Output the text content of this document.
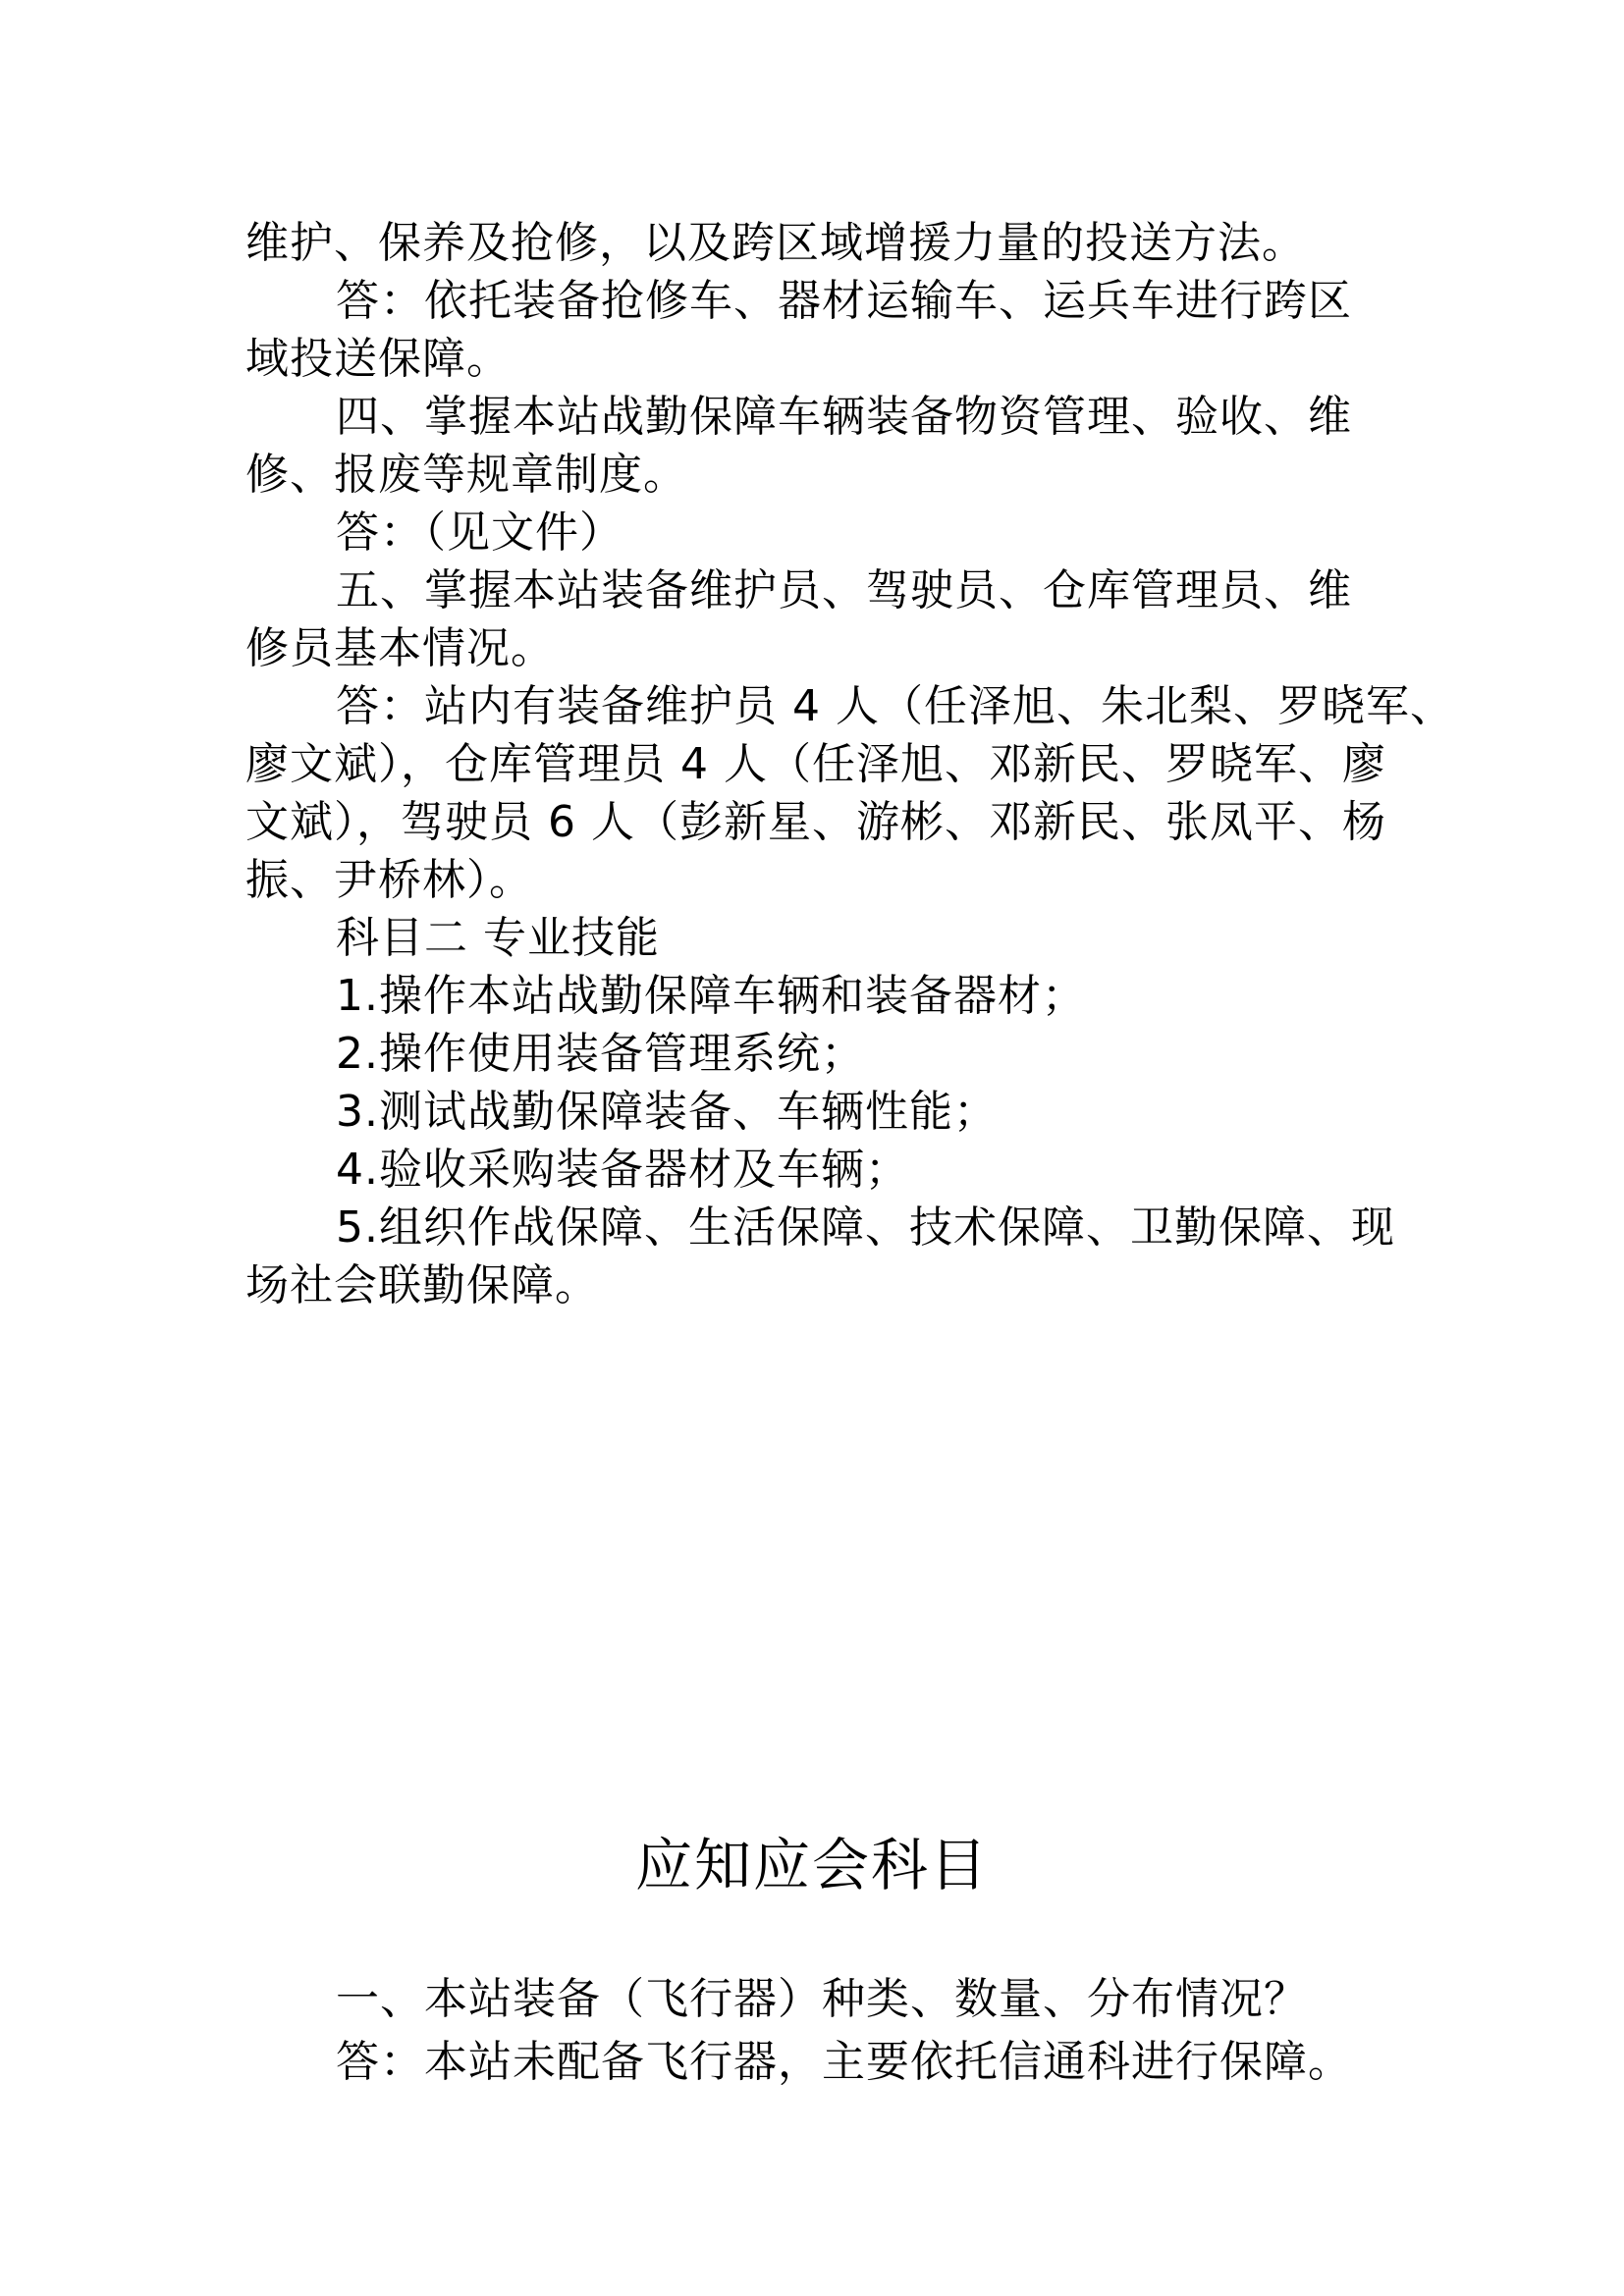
维护、保养及抢修，以及跨区域增援力量的投送方法。
答：依托装备抢修车、器材运输车、运兵车进行跨区
域投送保障。
四、掌握本站战勤保障车辆装备物资管理、验收、维
修、报废等规章制度。
答：（见文件）
五、掌握本站装备维护员、驾驶员、仓库管理员、维
修员基本情况。
答：站内有装备维护员 4 人（任泽旭、朱北梨、罗晓军、
廖文斌），仓库管理员 4 人（任泽旭、邓新民、罗晓军、廖
文斌），驾驶员 6 人（彭新星、游彬、邓新民、张凤平、杨
振、尹桥林）。
科目二 专业技能
1.操作本站战勤保障车辆和装备器材；
2.操作使用装备管理系统；
3.测试战勤保障装备、车辆性能；
4.验收采购装备器材及车辆；
5.组织作战保障、生活保障、技术保障、卫勤保障、现
场社会联勤保障。
应知应会科目
一、本站装备（飞行器）种类、数量、分布情况？
答：本站未配备飞行器，主要依托信通科进行保障。
